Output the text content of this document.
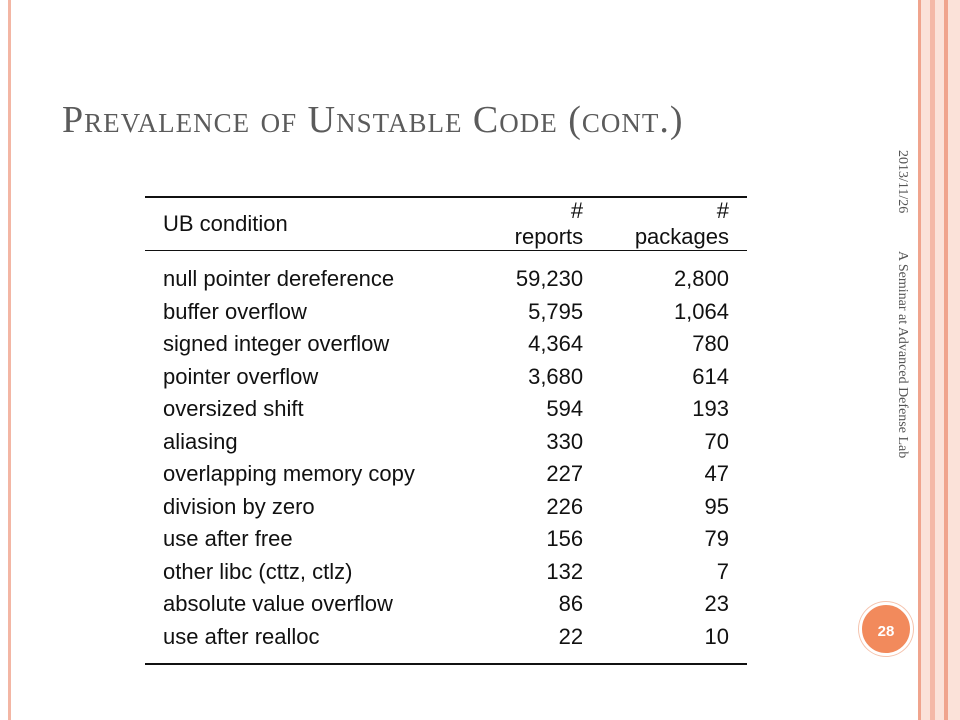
Prevalence of Unstable Code (cont.)
UB condition	# reports	# packages
null pointer dereference	59,230	2,800
buffer overflow	5,795	1,064
signed integer overflow	4,364	780
pointer overflow	3,680	614
oversized shift	594	193
aliasing	330	70
overlapping memory copy	227	47
division by zero	226	95
use after free	156	79
other libc (cttz, ctlz)	132	7
absolute value overflow	86	23
use after realloc	22	10
2013/11/26
A Seminar at Advanced Defense Lab
28
